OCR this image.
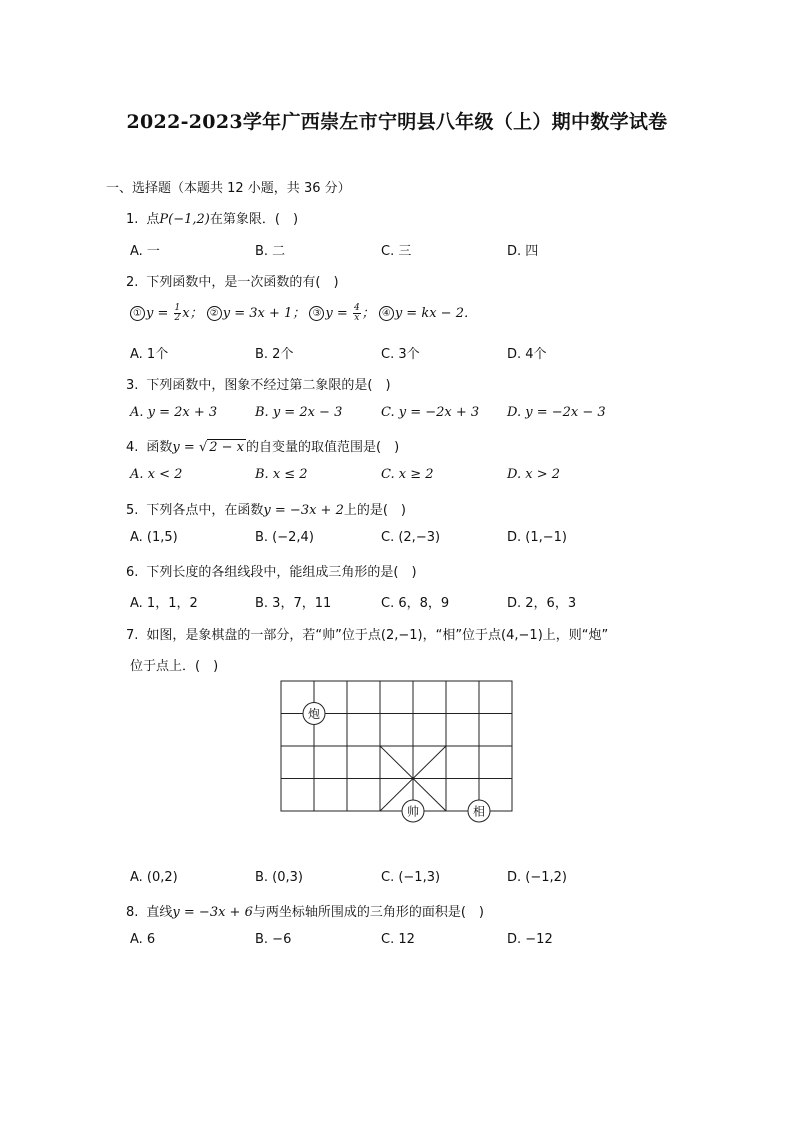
2022-2023学年广西崇左市宁明县八年级（上）期中数学试卷
一、选择题（本题共 12 小题，共 36 分）
1. 点P(−1,2)在第象限．(　)
A. 一	B. 二	C. 三	D. 四
2. 下列函数中，是一次函数的有(　)
① $y = \frac{1}{2}$ x； ② y = 3x + 1； ③ $y = \frac{4}{x}$ ； ④ y = kx − 2．
A. 1个	B. 2个	C. 3个	D. 4个
3. 下列函数中，图象不经过第二象限的是(　)
A. y = 2x + 3	B. y = 2x − 3	C. y = −2x + 3 D. y = −2x − 3
4. 函数y = √ 2 − x 的自变量的取值范围是(　)
A. x < 2	B. x ≤ 2	C. x ≥ 2	D. x > 2
5. 下列各点中，在函数y = −3x + 2上的是(　)
A. (1,5)	B. (−2,4)	C. (2,−3)	D. (1,−1)
6. 下列长度的各组线段中，能组成三角形的是(　)
A. 1，1，2	B. 3，7，11	C. 6，8，9	D. 2，6，3
7. 如图，是象棋盘的一部分，若“帅”位于点(2,−1)，“相”位于点(4,−1)上，则“炮”
位于点上．(　)
炮
帅	相
A. (0,2)	B. (0,3)	C. (−1,3)	D. (−1,2)
8. 直线y = −3x + 6与两坐标轴所围成的三角形的面积是(　)
A. 6	B. −6	C. 12	D. −12
